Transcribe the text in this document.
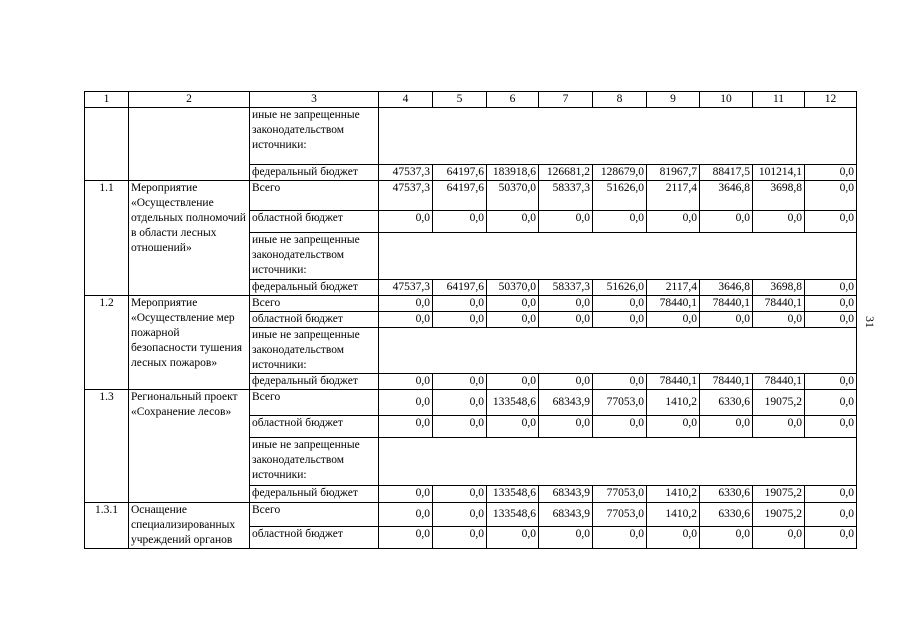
31
1	2	3	4	5	6	7	8	9	10	11	12
		иные не запрещенные законодательством источники:									
		федеральный бюджет	47537,3	64197,6	183918,6	126681,2	128679,0	81967,7	88417,5	101214,1	0,0
1.1	Мероприятие «Осуществление отдельных полномочий в области лесных отношений»	Всего	47537,3	64197,6	50370,0	58337,3	51626,0	2117,4	3646,8	3698,8	0,0
		областной бюджет	0,0	0,0	0,0	0,0	0,0	0,0	0,0	0,0	0,0
		иные не запрещенные законодательством источники:									
		федеральный бюджет	47537,3	64197,6	50370,0	58337,3	51626,0	2117,4	3646,8	3698,8	0,0
1.2	Мероприятие «Осуществление мер пожарной безопасности тушения лесных пожаров»	Всего	0,0	0,0	0,0	0,0	0,0	78440,1	78440,1	78440,1	0,0
		областной бюджет	0,0	0,0	0,0	0,0	0,0	0,0	0,0	0,0	0,0
		иные не запрещенные законодательством источники:									
		федеральный бюджет	0,0	0,0	0,0	0,0	0,0	78440,1	78440,1	78440,1	0,0
1.3	Региональный проект «Сохранение лесов»	Всего	0,0	0,0	133548,6	68343,9	77053,0	1410,2	6330,6	19075,2	0,0
		областной бюджет	0,0	0,0	0,0	0,0	0,0	0,0	0,0	0,0	0,0
		иные не запрещенные законодательством источники:									
		федеральный бюджет	0,0	0,0	133548,6	68343,9	77053,0	1410,2	6330,6	19075,2	0,0
1.3.1	Оснащение специализированных учреждений органов	Всего	0,0	0,0	133548,6	68343,9	77053,0	1410,2	6330,6	19075,2	0,0
		областной бюджет	0,0	0,0	0,0	0,0	0,0	0,0	0,0	0,0	0,0
